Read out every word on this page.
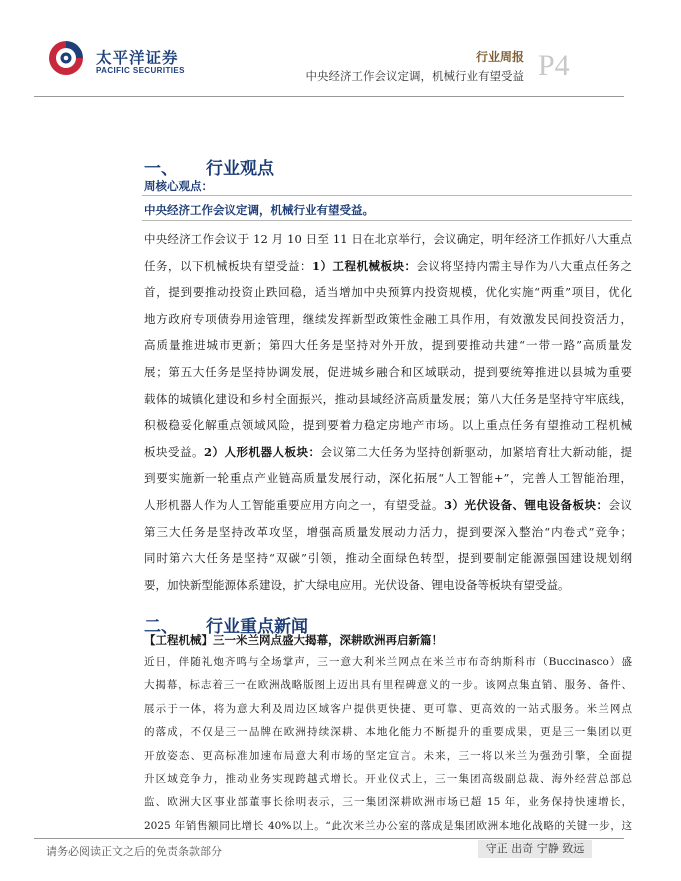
太平洋证券
PACIFIC SECURITIES
行业周报
中央经济工作会议定调，机械行业有望受益 P4
一、 行业观点
周核心观点：
中央经济工作会议定调，机械行业有望受益。
中央经济工作会议于 12 月 10 日至 11 日在北京举行，会议确定，明年经济工作抓好八大重点
任务，以下机械板块有望受益：1）工程机械板块：会议将坚持内需主导作为八大重点任务之
首，提到要推动投资止跌回稳，适当增加中央预算内投资规模，优化实施“两重”项目，优化
地方政府专项债券用途管理，继续发挥新型政策性金融工具作用，有效激发民间投资活力，
高质量推进城市更新；第四大任务是坚持对外开放，提到要推动共建“一带一路”高质量发
展；第五大任务是坚持协调发展，促进城乡融合和区域联动，提到要统筹推进以县城为重要
载体的城镇化建设和乡村全面振兴，推动县域经济高质量发展；第八大任务是坚持守牢底线，
积极稳妥化解重点领域风险，提到要着力稳定房地产市场。以上重点任务有望推动工程机械
板块受益。2）人形机器人板块：会议第二大任务为坚持创新驱动，加紧培育壮大新动能，提
到要实施新一轮重点产业链高质量发展行动，深化拓展“人工智能+”，完善人工智能治理，
人形机器人作为人工智能重要应用方向之一，有望受益。3）光伏设备、锂电设备板块：会议
第三大任务是坚持改革攻坚，增强高质量发展动力活力，提到要深入整治“内卷式”竞争；
同时第六大任务是坚持“双碳”引领，推动全面绿色转型，提到要制定能源强国建设规划纲
要，加快新型能源体系建设，扩大绿电应用。光伏设备、锂电设备等板块有望受益。
二、 行业重点新闻
【工程机械】三一米兰网点盛大揭幕，深耕欧洲再启新篇！
近日，伴随礼炮齐鸣与全场掌声，三一意大利米兰网点在米兰市布奇纳斯科市（Buccinasco）盛
大揭幕，标志着三一在欧洲战略版图上迈出具有里程碑意义的一步。该网点集直销、服务、备件、
展示于一体，将为意大利及周边区域客户提供更快捷、更可靠、更高效的一站式服务。米兰网点
的落成，不仅是三一品牌在欧洲持续深耕、本地化能力不断提升的重要成果，更是三一集团以更
开放姿态、更高标准加速布局意大利市场的坚定宣言。未来，三一将以米兰为强劲引擎，全面提
升区域竞争力，推动业务实现跨越式增长。开业仪式上，三一集团高级副总裁、海外经营总部总
监、欧洲大区事业部董事长徐明表示，三一集团深耕欧洲市场已超 15 年，业务保持快速增长，
2025 年销售额同比增长 40%以上。“此次米兰办公室的落成是集团欧洲本地化战略的关键一步，这
请务必阅读正文之后的免责条款部分	守正 出奇 宁静 致远
